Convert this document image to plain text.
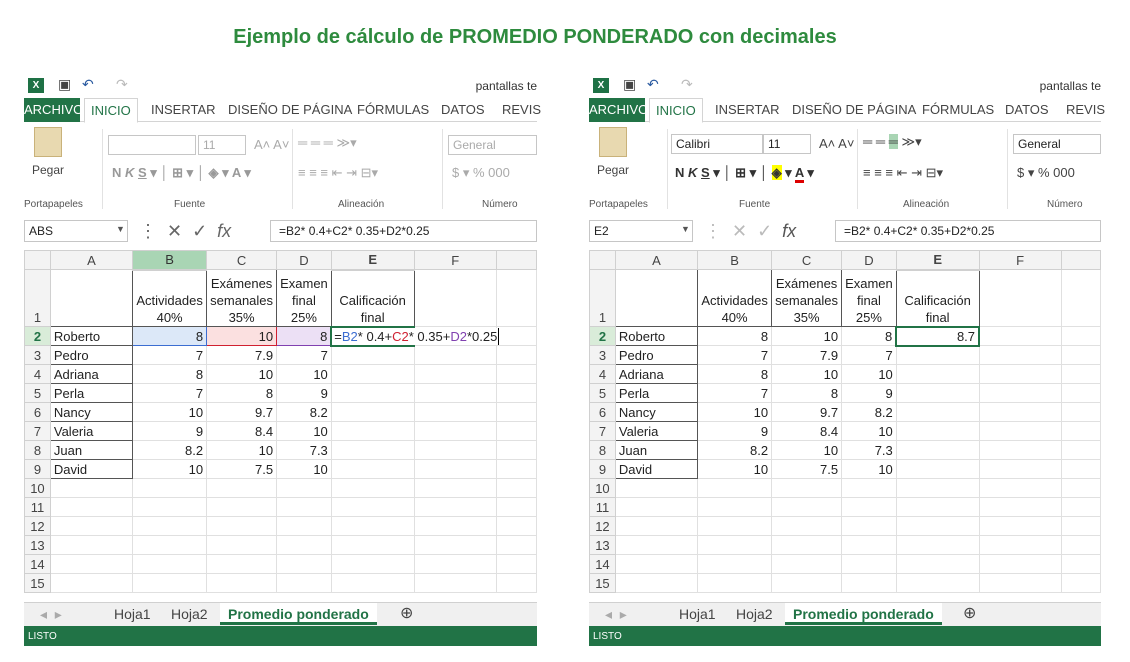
Ejemplo de cálculo de PROMEDIO PONDERADO con decimales
X	▣ ↶ ↷	pantallas te
ARCHIVO INICIO	INSERTAR DISEÑO DE PÁGINA FÓRMULAS DATOS REVIS
Pegar
11	A˄ A˅
N K S ▾ │ ⊞ ▾ │ ◈ ▾ A ▾
═ ═ ═ ≫▾
≡ ≡ ≡ ⇤ ⇥ ⊟▾
General
$ ▾ % 000
Portapapeles	Fuente	Alineación	Número
ABS	▼ ⋮  ✕  ✓  fx	=B2* 0.4+C2* 0.35+D2*0.25
	A	B	C	D	E	F	
1		Actividades
40%	Exámenes
semanales
35%	Examen
final
25%	Calificación
final		
2	Roberto	8	10	8	=B2* 0.4+C2* 0.35+D2*0.25		

3	Pedro	7	7.9	7			
4	Adriana	8	10	10			
5	Perla	7	8	9			
6	Nancy	10	9.7	8.2			
7	Valeria	9	8.4	10			
8	Juan	8.2	10	7.3			
9	David	10	7.5	10			
10							
11							
12							
13							
14							
15							
◂  ▸	Hoja1 Hoja2	Promedio ponderado	⊕
LISTO
X	▣ ↶ ↷	pantallas te
ARCHIVO INICIO	INSERTAR DISEÑO DE PÁGINA FÓRMULAS DATOS REVIS
Pegar
Calibri	11	A˄ A˅
N K S ▾ │ ⊞ ▾ │ ◈ ▾ A ▾
═ ═ ═ ≫▾
≡ ≡ ≡ ⇤ ⇥ ⊟▾
General
$ ▾ % 000
Portapapeles	Fuente	Alineación	Número
E2	▼ ⋮  ✕  ✓  fx	=B2* 0.4+C2* 0.35+D2*0.25
	A	B	C	D	E	F	
1		Actividades
40%	Exámenes
semanales
35%	Examen
final
25%	Calificación
final		
2	Roberto	8	10	8	8.7		
3	Pedro	7	7.9	7			
4	Adriana	8	10	10			
5	Perla	7	8	9			
6	Nancy	10	9.7	8.2			
7	Valeria	9	8.4	10			
8	Juan	8.2	10	7.3			
9	David	10	7.5	10			
10							
11							
12							
13							
14							
15							
◂  ▸	Hoja1 Hoja2	Promedio ponderado	⊕
LISTO
